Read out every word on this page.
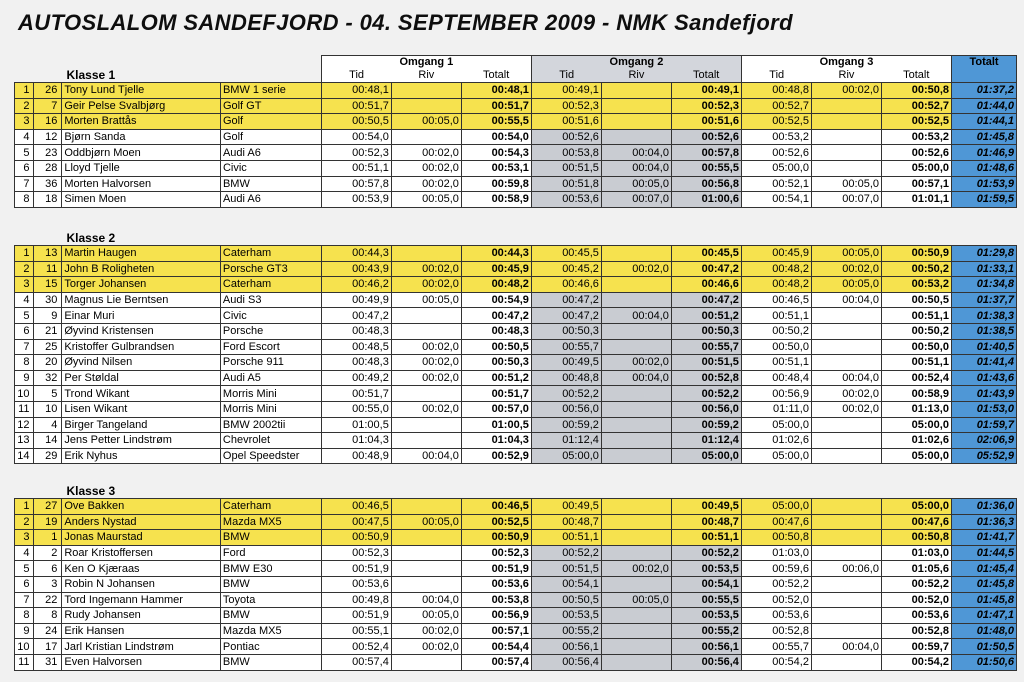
AUTOSLALOM SANDEFJORD - 04. SEPTEMBER 2009 - NMK Sandefjord
				Omgang 1			Omgang 2			Omgang 3			Totalt
Klasse 1				Tid	Riv	Totalt	Tid	Riv	Totalt	Tid	Riv	Totalt	
1	26	Tony Lund Tjelle	BMW 1 serie	00:48,1		00:48,1	00:49,1		00:49,1	00:48,8	00:02,0	00:50,8	01:37,2
2	7	Geir Pelse Svalbjørg	Golf GT	00:51,7		00:51,7	00:52,3		00:52,3	00:52,7		00:52,7	01:44,0
3	16	Morten Brattås	Golf	00:50,5	00:05,0	00:55,5	00:51,6		00:51,6	00:52,5		00:52,5	01:44,1
4	12	Bjørn Sanda	Golf	00:54,0		00:54,0	00:52,6		00:52,6	00:53,2		00:53,2	01:45,8
5	23	Oddbjørn Moen	Audi A6	00:52,3	00:02,0	00:54,3	00:53,8	00:04,0	00:57,8	00:52,6		00:52,6	01:46,9
6	28	Lloyd Tjelle	Civic	00:51,1	00:02,0	00:53,1	00:51,5	00:04,0	00:55,5	05:00,0		05:00,0	01:48,6
7	36	Morten Halvorsen	BMW	00:57,8	00:02,0	00:59,8	00:51,8	00:05,0	00:56,8	00:52,1	00:05,0	00:57,1	01:53,9
8	18	Simen Moen	Audi A6	00:53,9	00:05,0	00:58,9	00:53,6	00:07,0	01:00,6	00:54,1	00:07,0	01:01,1	01:59,5
Klasse 2													
1	13	Martin Haugen	Caterham	00:44,3		00:44,3	00:45,5		00:45,5	00:45,9	00:05,0	00:50,9	01:29,8
2	11	John B Roligheten	Porsche GT3	00:43,9	00:02,0	00:45,9	00:45,2	00:02,0	00:47,2	00:48,2	00:02,0	00:50,2	01:33,1
3	15	Torger Johansen	Caterham	00:46,2	00:02,0	00:48,2	00:46,6		00:46,6	00:48,2	00:05,0	00:53,2	01:34,8
4	30	Magnus Lie Berntsen	Audi S3	00:49,9	00:05,0	00:54,9	00:47,2		00:47,2	00:46,5	00:04,0	00:50,5	01:37,7
5	9	Einar Muri	Civic	00:47,2		00:47,2	00:47,2	00:04,0	00:51,2	00:51,1		00:51,1	01:38,3
6	21	Øyvind Kristensen	Porsche	00:48,3		00:48,3	00:50,3		00:50,3	00:50,2		00:50,2	01:38,5
7	25	Kristoffer Gulbrandsen	Ford Escort	00:48,5	00:02,0	00:50,5	00:55,7		00:55,7	00:50,0		00:50,0	01:40,5
8	20	Øyvind Nilsen	Porsche 911	00:48,3	00:02,0	00:50,3	00:49,5	00:02,0	00:51,5	00:51,1		00:51,1	01:41,4
9	32	Per Støldal	Audi A5	00:49,2	00:02,0	00:51,2	00:48,8	00:04,0	00:52,8	00:48,4	00:04,0	00:52,4	01:43,6
10	5	Trond Wikant	Morris Mini	00:51,7		00:51,7	00:52,2		00:52,2	00:56,9	00:02,0	00:58,9	01:43,9
11	10	Lisen Wikant	Morris Mini	00:55,0	00:02,0	00:57,0	00:56,0		00:56,0	01:11,0	00:02,0	01:13,0	01:53,0
12	4	Birger Tangeland	BMW 2002tii	01:00,5		01:00,5	00:59,2		00:59,2	05:00,0		05:00,0	01:59,7
13	14	Jens Petter Lindstrøm	Chevrolet	01:04,3		01:04,3	01:12,4		01:12,4	01:02,6		01:02,6	02:06,9
14	29	Erik Nyhus	Opel Speedster	00:48,9	00:04,0	00:52,9	05:00,0		05:00,0	05:00,0		05:00,0	05:52,9
Klasse 3													
1	27	Ove Bakken	Caterham	00:46,5		00:46,5	00:49,5		00:49,5	05:00,0		05:00,0	01:36,0
2	19	Anders Nystad	Mazda MX5	00:47,5	00:05,0	00:52,5	00:48,7		00:48,7	00:47,6		00:47,6	01:36,3
3	1	Jonas Maurstad	BMW	00:50,9		00:50,9	00:51,1		00:51,1	00:50,8		00:50,8	01:41,7
4	2	Roar Kristoffersen	Ford	00:52,3		00:52,3	00:52,2		00:52,2	01:03,0		01:03,0	01:44,5
5	6	Ken O Kjæraas	BMW E30	00:51,9		00:51,9	00:51,5	00:02,0	00:53,5	00:59,6	00:06,0	01:05,6	01:45,4
6	3	Robin N Johansen	BMW	00:53,6		00:53,6	00:54,1		00:54,1	00:52,2		00:52,2	01:45,8
7	22	Tord Ingemann Hammer	Toyota	00:49,8	00:04,0	00:53,8	00:50,5	00:05,0	00:55,5	00:52,0		00:52,0	01:45,8
8	8	Rudy Johansen	BMW	00:51,9	00:05,0	00:56,9	00:53,5		00:53,5	00:53,6		00:53,6	01:47,1
9	24	Erik Hansen	Mazda MX5	00:55,1	00:02,0	00:57,1	00:55,2		00:55,2	00:52,8		00:52,8	01:48,0
10	17	Jarl Kristian Lindstrøm	Pontiac	00:52,4	00:02,0	00:54,4	00:56,1		00:56,1	00:55,7	00:04,0	00:59,7	01:50,5
11	31	Even Halvorsen	BMW	00:57,4		00:57,4	00:56,4		00:56,4	00:54,2		00:54,2	01:50,6
